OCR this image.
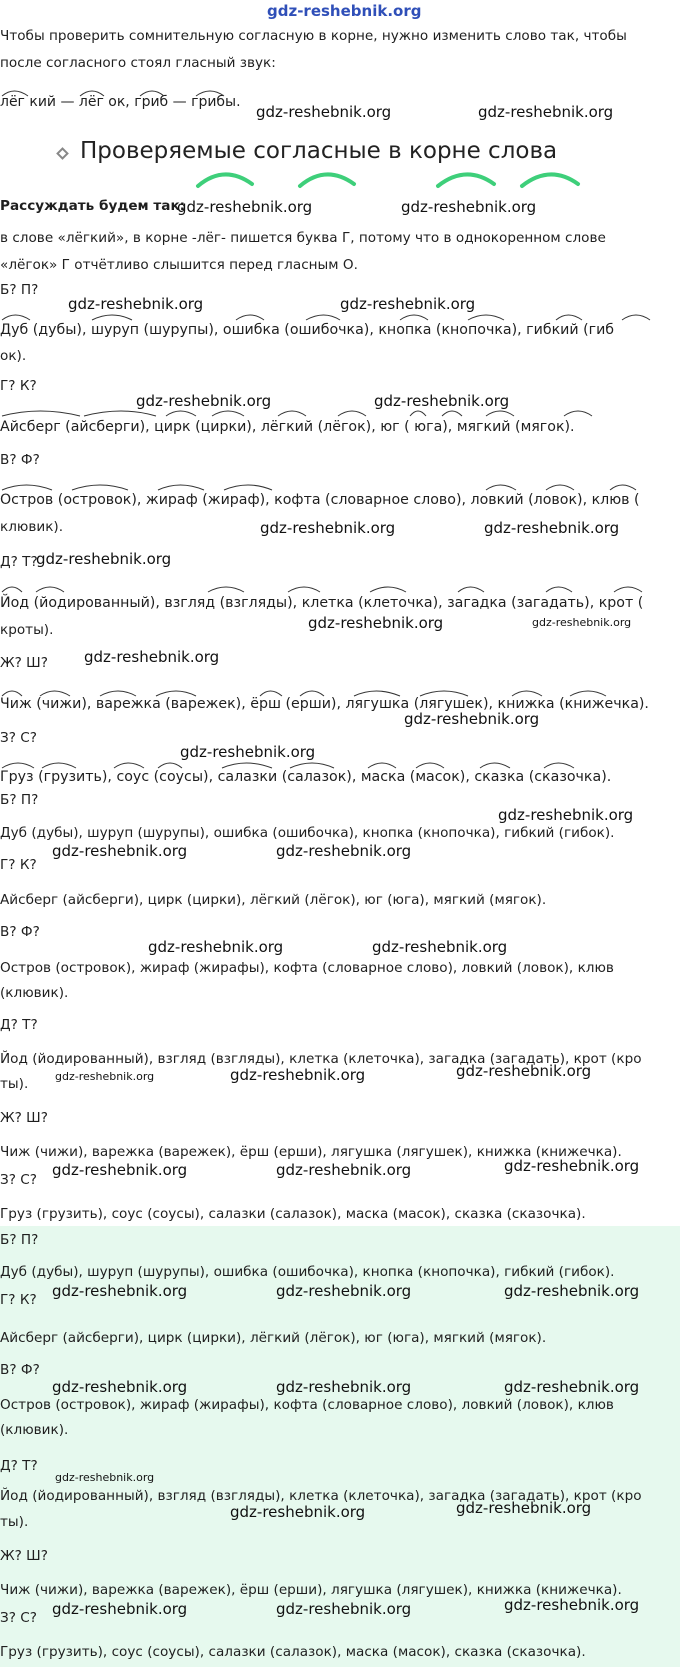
gdz-reshebnik.org
Чтобы проверить сомнительную согласную в корне, нужно изменить слово так, чтобы
после согласного стоял гласный звук:
лёг кий — лёг ок, гриб — грибы.
gdz-reshebnik.org	gdz-reshebnik.org
Проверяемые согласные в корне слова
Рассуждать будем так:
gdz-reshebnik.org	gdz-reshebnik.org
в слове «лёгкий», в корне -лёг- пишется буква Г, потому что в однокоренном слове
«лёгок» Г отчётливо слышится перед гласным О.
Б? П?
gdz-reshebnik.org	gdz-reshebnik.org
Дуб (дубы), шуруп (шурупы), ошибка (ошибочка), кнопка (кнопочка), гибкий (гиб
ок).
Г? К?
gdz-reshebnik.org	gdz-reshebnik.org
Айсберг (айсберги), цирк (цирки), лёгкий (лёгок), юг ( юга), мягкий (мягок).
В? Ф?
Остров (островок), жираф (жираф), кофта (словарное слово), ловкий (ловок), клюв (
клювик).	gdz-reshebnik.org	gdz-reshebnik.org
Д? Т?
gdz-reshebnik.org
Йод (йодированный), взгляд (взгляды), клетка (клеточка), загадка (загадать), крот (
кроты).	gdz-reshebnik.org	gdz-reshebnik.org
gdz-reshebnik.org
Ж? Ш?
Чиж (чижи), варежка (варежек), ёрш (ерши), лягушка (лягушек), книжка (книжечка).
gdz-reshebnik.org
З? С?
gdz-reshebnik.org
Груз (грузить), соус (соусы), салазки (салазок), маска (масок), сказка (сказочка).
Б? П?
gdz-reshebnik.org
Дуб (дубы), шуруп (шурупы), ошибка (ошибочка), кнопка (кнопочка), гибкий (гибок).
gdz-reshebnik.org	gdz-reshebnik.org
Г? К?
Айсберг (айсберги), цирк (цирки), лёгкий (лёгок), юг (юга), мягкий (мягок).
В? Ф?
gdz-reshebnik.org	gdz-reshebnik.org
Остров (островок), жираф (жирафы), кофта (словарное слово), ловкий (ловок), клюв
(клювик).
Д? Т?
Йод (йодированный), взгляд (взгляды), клетка (клеточка), загадка (загадать), крот (кро
gdz-reshebnik.org	gdz-reshebnik.org	gdz-reshebnik.org
ты).
Ж? Ш?
Чиж (чижи), варежка (варежек), ёрш (ерши), лягушка (лягушек), книжка (книжечка).
gdz-reshebnik.org	gdz-reshebnik.org	gdz-reshebnik.org
З? С?
Груз (грузить), соус (соусы), салазки (салазок), маска (масок), сказка (сказочка).
Б? П?
Дуб (дубы), шуруп (шурупы), ошибка (ошибочка), кнопка (кнопочка), гибкий (гибок).
gdz-reshebnik.org	gdz-reshebnik.org	gdz-reshebnik.org
Г? К?
Айсберг (айсберги), цирк (цирки), лёгкий (лёгок), юг (юга), мягкий (мягок).
В? Ф?
gdz-reshebnik.org	gdz-reshebnik.org	gdz-reshebnik.org
Остров (островок), жираф (жирафы), кофта (словарное слово), ловкий (ловок), клюв
(клювик).
Д? Т?
gdz-reshebnik.org
Йод (йодированный), взгляд (взгляды), клетка (клеточка), загадка (загадать), крот (кро
gdz-reshebnik.org	gdz-reshebnik.org
ты).
Ж? Ш?
Чиж (чижи), варежка (варежек), ёрш (ерши), лягушка (лягушек), книжка (книжечка).
gdz-reshebnik.org	gdz-reshebnik.org	gdz-reshebnik.org
З? С?
Груз (грузить), соус (соусы), салазки (салазок), маска (масок), сказка (сказочка).
